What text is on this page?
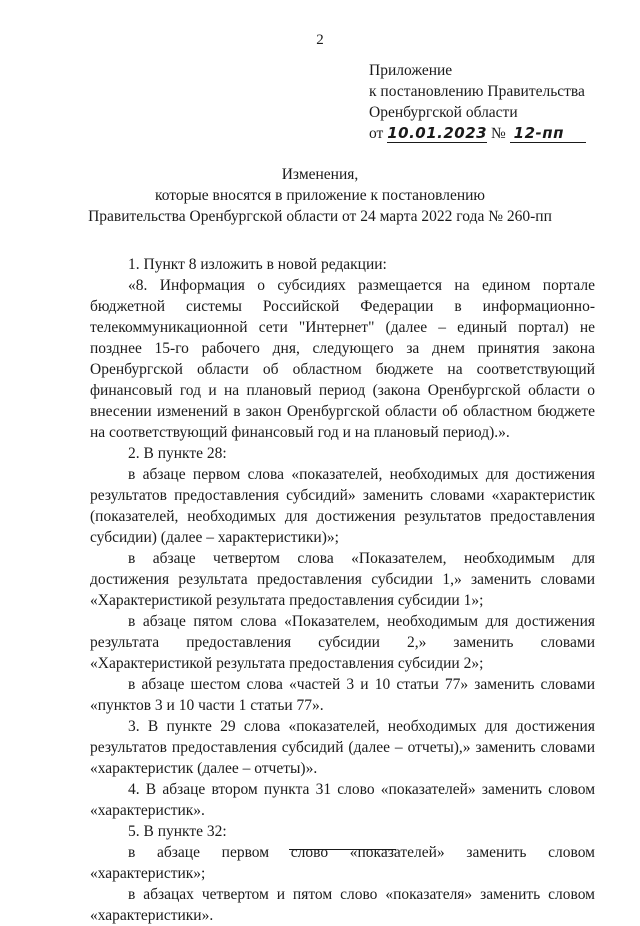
2
Приложение
к постановлению Правительства
Оренбургской области
от 10.01.2023 № 12-пп
Изменения,
которые вносятся в приложение к постановлению
Правительства Оренбургской области от 24 марта 2022 года № 260-пп

1. Пункт 8 изложить в новой редакции:

«8. Информация о субсидиях размещается на едином портале бюджетной системы Российской Федерации в информационно-телекоммуникационной сети "Интернет" (далее – единый портал) не позднее 15-го рабочего дня, следующего за днем принятия закона Оренбургской области об областном бюджете на соответствующий финансовый год и на плановый период (закона Оренбургской области о внесении изменений в закон Оренбургской области об областном бюджете на соответствующий финансовый год и на плановый период).».

2. В пункте 28:

в абзаце первом слова «показателей, необходимых для достижения результатов предоставления субсидий» заменить словами «характеристик (показателей, необходимых для достижения результатов предоставления субсидии) (далее – характеристики)»;

в абзаце четвертом слова «Показателем, необходимым для достижения результата предоставления субсидии 1,» заменить словами «Характеристикой результата предоставления субсидии 1»;

в абзаце пятом слова «Показателем, необходимым для достижения результата предоставления субсидии 2,» заменить словами «Характеристикой результата предоставления субсидии 2»;

в абзаце шестом слова «частей 3 и 10 статьи 77» заменить словами «пунктов 3 и 10 части 1 статьи 77».

3. В пункте 29 слова «показателей, необходимых для достижения результатов предоставления субсидий (далее – отчеты),» заменить словами «характеристик (далее – отчеты)».

4. В абзаце втором пункта 31 слово «показателей» заменить словом «характеристик».

5. В пункте 32:

в абзаце первом слово «показателей» заменить словом «характеристик»;

в абзацах четвертом и пятом слово «показателя» заменить словом «характеристики».
